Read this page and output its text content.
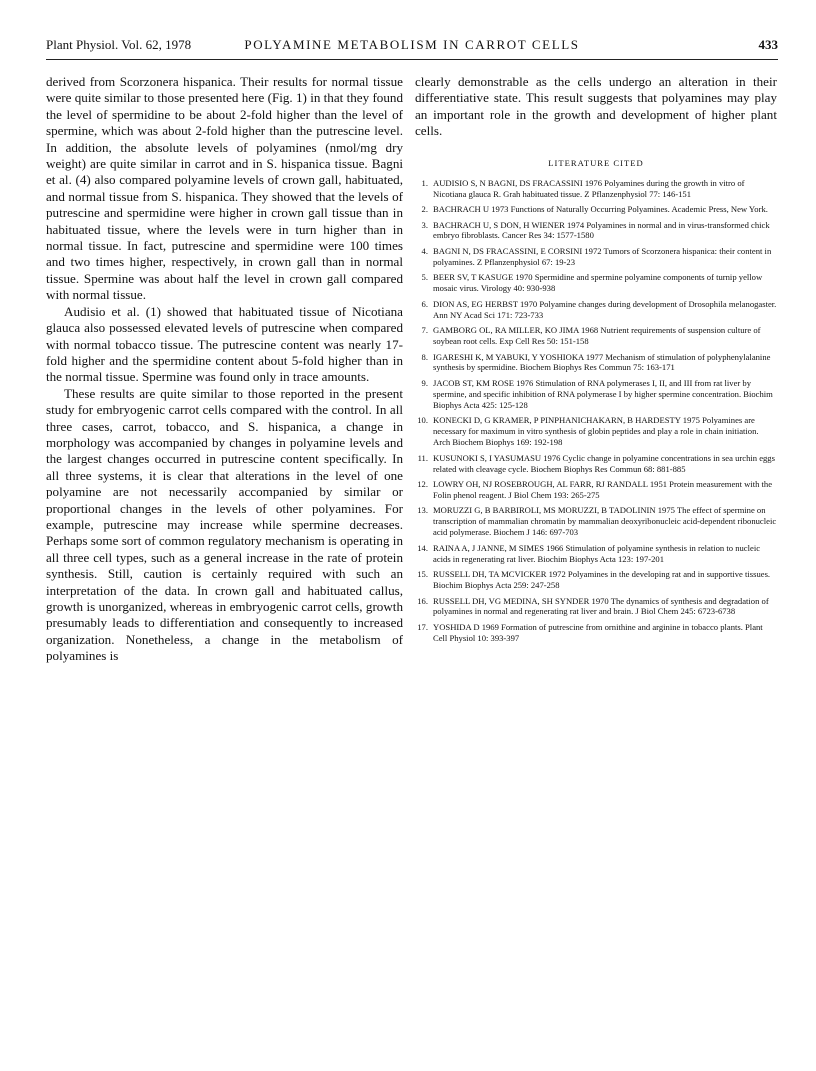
Plant Physiol. Vol. 62, 1978	POLYAMINE METABOLISM IN CARROT CELLS	433

derived from Scorzonera hispanica. Their results for normal tissue were quite similar to those presented here (Fig. 1) in that they found the level of spermidine to be about 2-fold higher than the level of spermine, which was about 2-fold higher than the putrescine level. In addition, the absolute levels of polyamines (nmol/mg dry weight) are quite similar in carrot and in S. hispanica tissue. Bagni et al. (4) also compared polyamine levels of crown gall, habituated, and normal tissue from S. hispanica. They showed that the levels of putrescine and spermidine were higher in crown gall tissue than in habituated tissue, where the levels were in turn higher than in normal tissue. In fact, putrescine and spermidine were 100 times and two times higher, respectively, in crown gall than in normal tissue. Spermine was about half the level in crown gall compared with normal tissue.

Audisio et al. (1) showed that habituated tissue of Nicotiana glauca also possessed elevated levels of putrescine when compared with normal tobacco tissue. The putrescine content was nearly 17-fold higher and the spermidine content about 5-fold higher than in the normal tissue. Spermine was found only in trace amounts.

These results are quite similar to those reported in the present study for embryogenic carrot cells compared with the control. In all three cases, carrot, tobacco, and S. hispanica, a change in morphology was accompanied by changes in polyamine levels and the largest changes occurred in putrescine content specifically. In all three systems, it is clear that alterations in the level of one polyamine are not necessarily accompanied by similar or proportional changes in the levels of other polyamines. For example, putrescine may increase while spermine decreases. Perhaps some sort of common regulatory mechanism is operating in all three cell types, such as a general increase in the rate of protein synthesis. Still, caution is certainly required with such an interpretation of the data. In crown gall and habituated callus, growth is unorganized, whereas in embryogenic carrot cells, growth presumably leads to differentiation and consequently to increased organization. Nonetheless, a change in the metabolism of polyamines is

clearly demonstrable as the cells undergo an alteration in their differentiative state. This result suggests that polyamines may play an important role in the growth and development of higher plant cells.

LITERATURE CITED
1. AUDISIO S, N BAGNI, DS FRACASSINI 1976 Polyamines during the growth in vitro of Nicotiana glauca R. Grah habituated tissue. Z Pflanzenphysiol 77: 146-151
2. BACHRACH U 1973 Functions of Naturally Occurring Polyamines. Academic Press, New York.
3. BACHRACH U, S DON, H WIENER 1974 Polyamines in normal and in virus-transformed chick embryo fibroblasts. Cancer Res 34: 1577-1580
4. BAGNI N, DS FRACASSINI, E CORSINI 1972 Tumors of Scorzonera hispanica: their content in polyamines. Z Pflanzenphysiol 67: 19-23
5. BEER SV, T KASUGE 1970 Spermidine and spermine polyamine components of turnip yellow mosaic virus. Virology 40: 930-938
6. DION AS, EG HERBST 1970 Polyamine changes during development of Drosophila melanogaster. Ann NY Acad Sci 171: 723-733
7. GAMBORG OL, RA MILLER, KO JIMA 1968 Nutrient requirements of suspension culture of soybean root cells. Exp Cell Res 50: 151-158
8. IGARESHI K, M YABUKI, Y YOSHIOKA 1977 Mechanism of stimulation of polyphenylalanine synthesis by spermidine. Biochem Biophys Res Commun 75: 163-171
9. JACOB ST, KM ROSE 1976 Stimulation of RNA polymerases I, II, and III from rat liver by spermine, and specific inhibition of RNA polymerase I by higher spermine concentration. Biochim Biophys Acta 425: 125-128
10. KONECKI D, G KRAMER, P PINPHANICHAKARN, B HARDESTY 1975 Polyamines are necessary for maximum in vitro synthesis of globin peptides and play a role in chain initiation. Arch Biochem Biophys 169: 192-198
11. KUSUNOKI S, I YASUMASU 1976 Cyclic change in polyamine concentrations in sea urchin eggs related with cleavage cycle. Biochem Biophys Res Commun 68: 881-885
12. LOWRY OH, NJ ROSEBROUGH, AL FARR, RJ RANDALL 1951 Protein measurement with the Folin phenol reagent. J Biol Chem 193: 265-275
13. MORUZZI G, B BARBIROLI, MS MORUZZI, B TADOLININ 1975 The effect of spermine on transcription of mammalian chromatin by mammalian deoxyribonucleic acid-dependent ribonucleic acid polymerase. Biochem J 146: 697-703
14. RAINA A, J JANNE, M SIMES 1966 Stimulation of polyamine synthesis in relation to nucleic acids in regenerating rat liver. Biochim Biophys Acta 123: 197-201
15. RUSSELL DH, TA MCVICKER 1972 Polyamines in the developing rat and in supportive tissues. Biochim Biophys Acta 259: 247-258
16. RUSSELL DH, VG MEDINA, SH SYNDER 1970 The dynamics of synthesis and degradation of polyamines in normal and regenerating rat liver and brain. J Biol Chem 245: 6723-6738
17. YOSHIDA D 1969 Formation of putrescine from ornithine and arginine in tobacco plants. Plant Cell Physiol 10: 393-397
